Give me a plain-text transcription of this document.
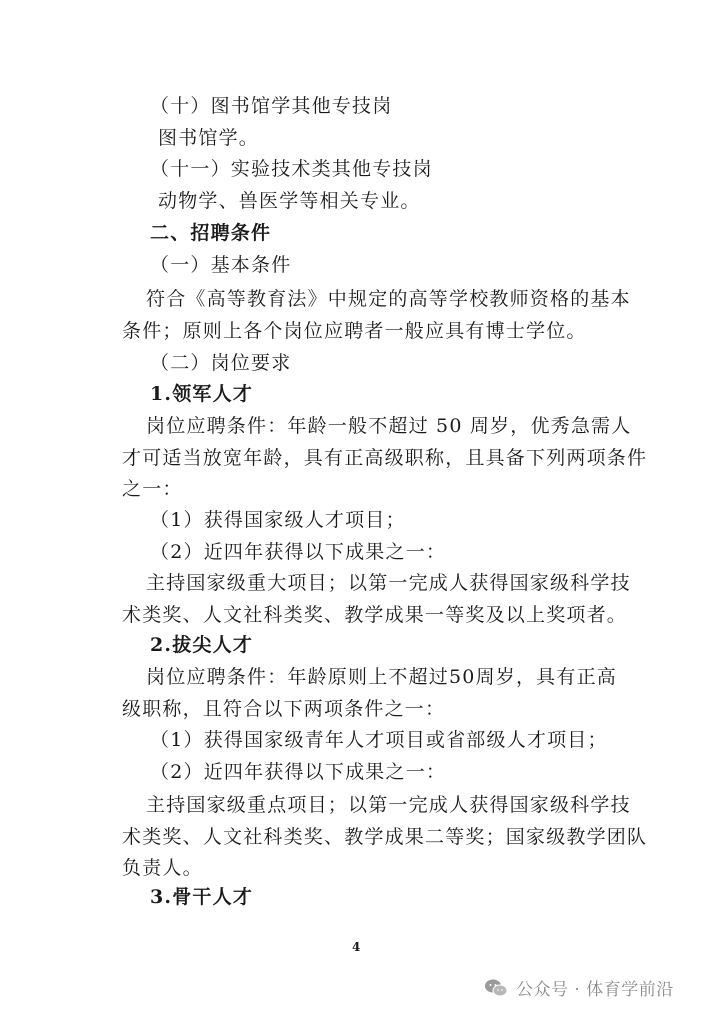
（十）图书馆学其他专技岗
图书馆学。
（十一）实验技术类其他专技岗
动物学、兽医学等相关专业。
二、招聘条件
（一）基本条件
符合《高等教育法》中规定的高等学校教师资格的基本
条件；原则上各个岗位应聘者一般应具有博士学位。
（二）岗位要求
1.领军人才
岗位应聘条件：年龄一般不超过 50 周岁，优秀急需人
才可适当放宽年龄，具有正高级职称，且具备下列两项条件
之一：
（1）获得国家级人才项目；
（2）近四年获得以下成果之一：
主持国家级重大项目；以第一完成人获得国家级科学技
术类奖、人文社科类奖、教学成果一等奖及以上奖项者。
2.拔尖人才
岗位应聘条件：年龄原则上不超过50周岁，具有正高
级职称，且符合以下两项条件之一：
（1）获得国家级青年人才项目或省部级人才项目；
（2）近四年获得以下成果之一：
主持国家级重点项目；以第一完成人获得国家级科学技
术类奖、人文社科类奖、教学成果二等奖；国家级教学团队
负责人。
3.骨干人才
4
公众号 · 体育学前沿
